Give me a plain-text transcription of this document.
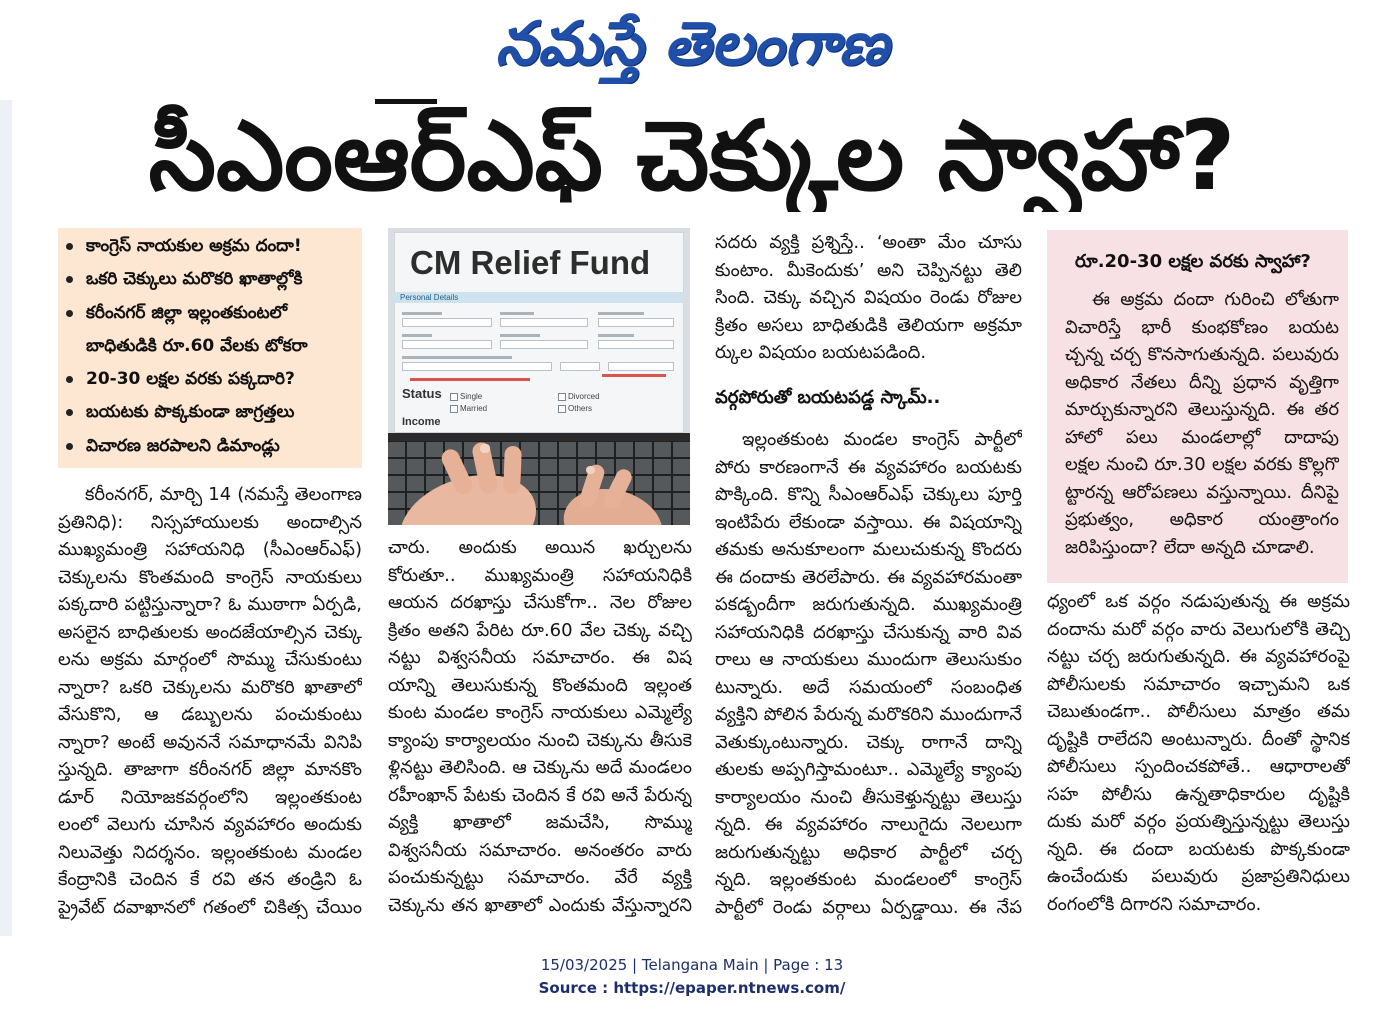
నమస్తే తెలంగాణ
సీఎంఆర్‌ఎఫ్ చెక్కుల స్వాహా?
కాంగ్రెస్ నాయకుల అక్రమ దందా!
ఒకరి చెక్కులు మరొకరి ఖాతాల్లోకి
కరీంనగర్ జిల్లా ఇల్లంతకుంటలో
బాధితుడికి రూ.60 వేలకు టోకరా
20-30 లక్షల వరకు పక్కదారి?
బయటకు పొక్కకుండా జాగ్రత్తలు
విచారణ జరపాలని డిమాండ్లు
CM Relief Fund
Personal Details
Status Single
Married
Divorced
Others
Income
కరీంనగర్, మార్చి 14 (నమస్తే తెలంగాణ
ప్రతినిధి): నిస్సహాయులకు అందాల్సిన
ముఖ్యమంత్రి సహాయనిధి (సీఎంఆర్ఎఫ్)
చెక్కులను కొంతమంది కాంగ్రెస్ నాయకులు
పక్కదారి పట్టిస్తున్నారా? ఓ ముఠాగా ఏర్పడి,
అసలైన బాధితులకు అందజేయాల్సిన చెక్కు
లను అక్రమ మార్గంలో సొమ్ము చేసుకుంటు
న్నారా? ఒకరి చెక్కులను మరొకరి ఖాతాలో
వేసుకొని, ఆ డబ్బులను పంచుకుంటు
న్నారా? అంటే అవుననే సమాధానమే వినిపి
స్తున్నది. తాజాగా కరీంనగర్ జిల్లా మానకొం
డూర్ నియోజకవర్గంలోని ఇల్లంతకుంట
లంలో వెలుగు చూసిన వ్యవహారం అందుకు
నిలువెత్తు నిదర్శనం. ఇల్లంతకుంట మండల
కేంద్రానికి చెందిన కే రవి తన తండ్రిని ఓ
ప్రైవేట్ దవాఖానలో గతంలో చికిత్స చేయిం
చారు. అందుకు అయిన ఖర్చులను
కోరుతూ.. ముఖ్యమంత్రి సహాయనిధికి
ఆయన దరఖాస్తు చేసుకోగా.. నెల రోజుల
క్రితం అతని పేరిట రూ.60 వేల చెక్కు వచ్చి
నట్టు విశ్వసనీయ సమాచారం. ఈ విష
యాన్ని తెలుసుకున్న కొంతమంది ఇల్లంత
కుంట మండల కాంగ్రెస్ నాయకులు ఎమ్మెల్యే
క్యాంపు కార్యాలయం నుంచి చెక్కును తీసుకె
ళ్లినట్టు తెలిసింది. ఆ చెక్కును అదే మండలం
రహీంఖాన్ పేటకు చెందిన కే రవి అనే పేరున్న
వ్యక్తి ఖాతాలో జమచేసి, సొమ్ము
విశ్వసనీయ సమాచారం. అనంతరం వారు
పంచుకున్నట్టు సమాచారం. వేరే వ్యక్తి
చెక్కును తన ఖాతాలో ఎందుకు వేస్తున్నారని
సదరు వ్యక్తి ప్రశ్నిస్తే.. ‘అంతా మేం చూసు
కుంటాం. మీకెందుకు’ అని చెప్పినట్టు తెలి
సింది. చెక్కు వచ్చిన విషయం రెండు రోజుల
క్రితం అసలు బాధితుడికి తెలియగా అక్రమా
ర్కుల విషయం బయటపడింది.
వర్గపోరుతో బయటపడ్డ స్కామ్..
ఇల్లంతకుంట మండల కాంగ్రెస్ పార్టీలో
పోరు కారణంగానే ఈ వ్యవహారం బయటకు
పొక్కింది. కొన్ని సీఎంఆర్ఎఫ్ చెక్కులు పూర్తి
ఇంటిపేరు లేకుండా వస్తాయి. ఈ విషయాన్ని
తమకు అనుకూలంగా మలుచుకున్న కొందరు
ఈ దందాకు తెరలేపారు. ఈ వ్యవహారమంతా
పకడ్బందీగా జరుగుతున్నది. ముఖ్యమంత్రి
సహాయనిధికి దరఖాస్తు చేసుకున్న వారి వివ
రాలు ఆ నాయకులు ముందుగా తెలుసుకుం
టున్నారు. అదే సమయంలో సంబంధిత
వ్యక్తిని పోలిన పేరున్న మరొకరిని ముందుగానే
వెతుక్కుంటున్నారు. చెక్కు రాగానే దాన్ని
తులకు అప్పగిస్తామంటూ.. ఎమ్మెల్యే క్యాంపు
కార్యాలయం నుంచి తీసుకెళ్తున్నట్టు తెలుస్తు
న్నది. ఈ వ్యవహారం నాలుగైదు నెలలుగా
జరుగుతున్నట్టు అధికార పార్టీలో చర్చ
న్నది. ఇల్లంతకుంట మండలంలో కాంగ్రెస్
పార్టీలో రెండు వర్గాలు ఏర్పడ్డాయి. ఈ నేప
రూ.20-30 లక్షల వరకు స్వాహా?
ఈ అక్రమ దందా గురించి లోతుగా
విచారిస్తే భారీ కుంభకోణం బయట
చ్చన్న చర్చ కొనసాగుతున్నది. పలువురు
అధికార నేతలు దీన్ని ప్రధాన వృత్తిగా
మార్చుకున్నారని తెలుస్తున్నది. ఈ తర
హాలో పలు మండలాల్లో దాదాపు
లక్షల నుంచి రూ.30 లక్షల వరకు కొల్లగొ
ట్టారన్న ఆరోపణలు వస్తున్నాయి. దీనిపై
ప్రభుత్వం, అధికార యంత్రాంగం
జరిపిస్తుందా? లేదా అన్నది చూడాలి.
ధ్యంలో ఒక వర్గం నడుపుతున్న ఈ అక్రమ
దందాను మరో వర్గం వారు వెలుగులోకి తెచ్చి
నట్టు చర్చ జరుగుతున్నది. ఈ వ్యవహారంపై
పోలీసులకు సమాచారం ఇచ్చామని ఒక
చెబుతుండగా.. పోలీసులు మాత్రం తమ
దృష్టికి రాలేదని అంటున్నారు. దీంతో స్థానిక
పోలీసులు స్పందించకపోతే.. ఆధారాలతో
సహ పోలీసు ఉన్నతాధికారుల దృష్టికి
దుకు మరో వర్గం ప్రయత్నిస్తున్నట్టు తెలుస్తు
న్నది. ఈ దందా బయటకు పొక్కకుండా
ఉంచేందుకు పలువురు ప్రజాప్రతినిధులు
రంగంలోకి దిగారని సమాచారం.
15/03/2025 | Telangana Main | Page : 13
Source : https://epaper.ntnews.com/
